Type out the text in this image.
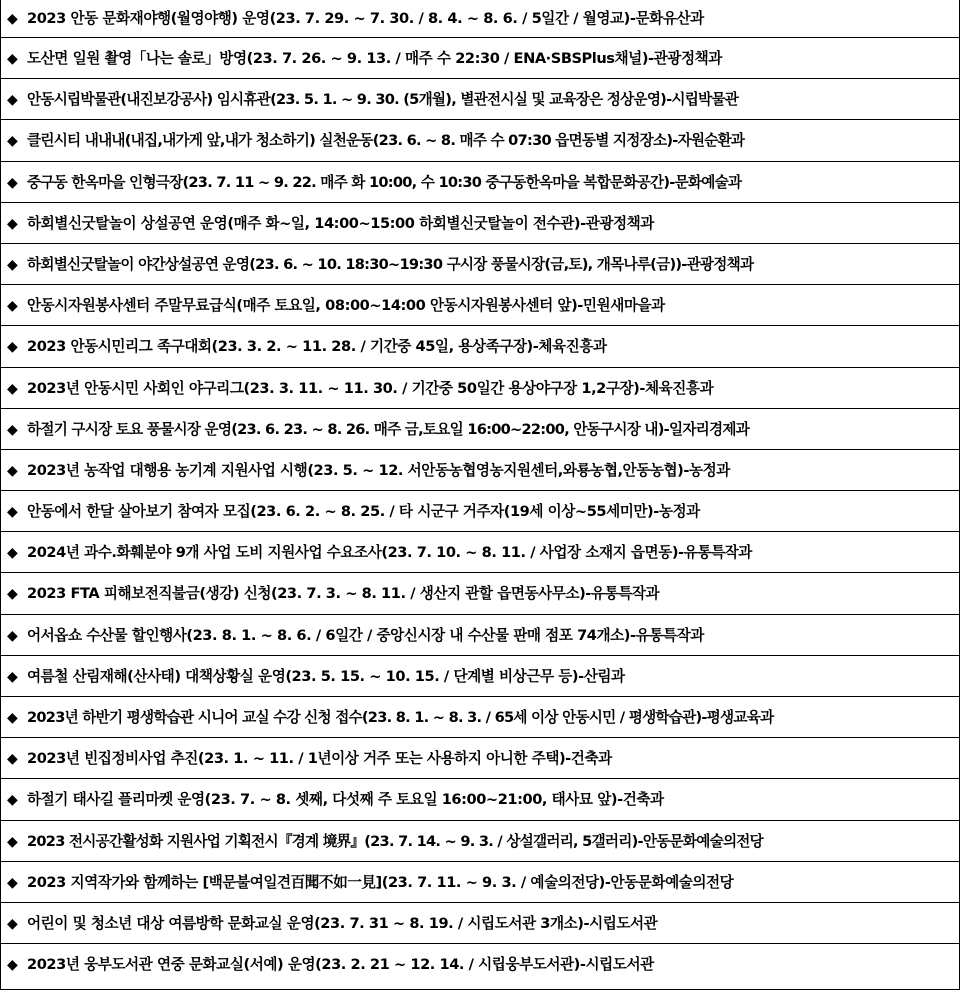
◆ 2023 안동 문화재야행(월영야행) 운영(23. 7. 29. ~ 7. 30. / 8. 4. ~ 8. 6. / 5일간 / 월영교)-문화유산과
◆ 도산면 일원 촬영「나는 솔로」방영(23. 7. 26. ~ 9. 13. / 매주 수 22:30 / ENA·SBSPlus채널)-관광정책과
◆ 안동시립박물관(내진보강공사) 임시휴관(23. 5. 1. ~ 9. 30. (5개월), 별관전시실 및 교육장은 정상운영)-시립박물관
◆ 클린시티 내내내(내집,내가게 앞,내가 청소하기) 실천운동(23. 6. ~ 8. 매주 수 07:30 읍면동별 지정장소)-자원순환과
◆ 중구동 한옥마을 인형극장(23. 7. 11 ~ 9. 22. 매주 화 10:00, 수 10:30 중구동한옥마을 복합문화공간)-문화예술과
◆ 하회별신굿탈놀이 상설공연 운영(매주 화~일, 14:00~15:00 하회별신굿탈놀이 전수관)-관광정책과
◆ 하회별신굿탈놀이 야간상설공연 운영(23. 6. ~ 10. 18:30~19:30 구시장 풍물시장(금,토), 개목나루(금))-관광정책과
◆ 안동시자원봉사센터 주말무료급식(매주 토요일, 08:00~14:00 안동시자원봉사센터 앞)-민원새마을과
◆ 2023 안동시민리그 족구대회(23. 3. 2. ~ 11. 28. / 기간중 45일, 용상족구장)-체육진흥과
◆ 2023년 안동시민 사회인 야구리그(23. 3. 11. ~ 11. 30. / 기간중 50일간 용상야구장 1,2구장)-체육진흥과
◆ 하절기 구시장 토요 풍물시장 운영(23. 6. 23. ~ 8. 26. 매주 금,토요일 16:00~22:00, 안동구시장 내)-일자리경제과
◆ 2023년 농작업 대행용 농기계 지원사업 시행(23. 5. ~ 12. 서안동농협영농지원센터,와룡농협,안동농협)-농정과
◆ 안동에서 한달 살아보기 참여자 모집(23. 6. 2. ~ 8. 25. / 타 시군구 거주자(19세 이상~55세미만)-농정과
◆ 2024년 과수.화훼분야 9개 사업 도비 지원사업 수요조사(23. 7. 10. ~ 8. 11. / 사업장 소재지 읍면동)-유통특작과
◆ 2023 FTA 피해보전직불금(생강) 신청(23. 7. 3. ~ 8. 11. / 생산지 관할 읍면동사무소)-유통특작과
◆ 어서옵쇼 수산물 할인행사(23. 8. 1. ~ 8. 6. / 6일간 / 중앙신시장 내 수산물 판매 점포 74개소)-유통특작과
◆ 여름철 산림재해(산사태) 대책상황실 운영(23. 5. 15. ~ 10. 15. / 단계별 비상근무 등)-산림과
◆ 2023년 하반기 평생학습관 시니어 교실 수강 신청 접수(23. 8. 1. ~ 8. 3. / 65세 이상 안동시민 / 평생학습관)-평생교육과
◆ 2023년 빈집정비사업 추진(23. 1. ~ 11. / 1년이상 거주 또는 사용하지 아니한 주택)-건축과
◆ 하절기 태사길 플리마켓 운영(23. 7. ~ 8. 셋째, 다섯째 주 토요일 16:00~21:00, 태사묘 앞)-건축과
◆ 2023 전시공간활성화 지원사업 기획전시『경계 境界』(23. 7. 14. ~ 9. 3. / 상설갤러리, 5갤러리)-안동문화예술의전당
◆ 2023 지역작가와 함께하는 [백문불여일견百聞不如一見](23. 7. 11. ~ 9. 3. / 예술의전당)-안동문화예술의전당
◆ 어린이 및 청소년 대상 여름방학 문화교실 운영(23. 7. 31 ~ 8. 19. / 시립도서관 3개소)-시립도서관
◆ 2023년 웅부도서관 연중 문화교실(서예) 운영(23. 2. 21 ~ 12. 14. / 시립웅부도서관)-시립도서관
